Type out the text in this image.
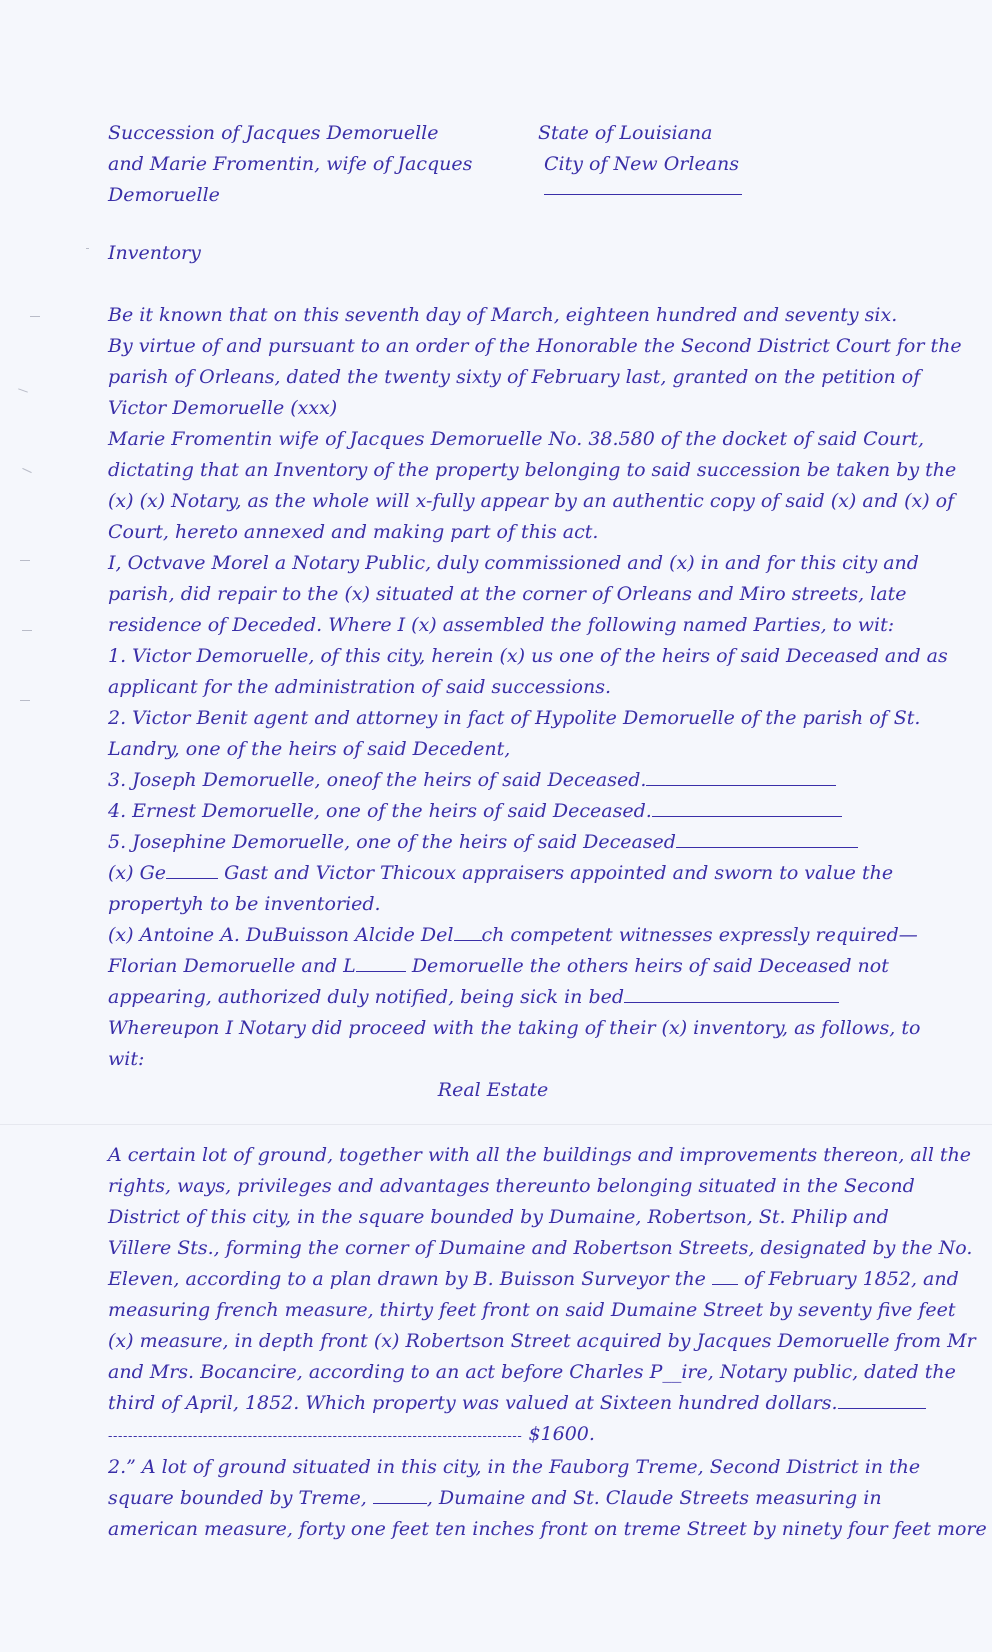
Succession of Jacques Demoruelle
and Marie Fromentin, wife of Jacques
Demoruelle
State of Louisiana
City of New Orleans
Inventory

Be it known that on this seventh day of March, eighteen hundred and seventy six.

By virtue of and pursuant to an order of the Honorable the Second District Court for the

parish of Orleans, dated the twenty sixty of February last, granted on the petition of

Victor Demoruelle (xxx)

Marie Fromentin wife of Jacques Demoruelle No. 38.580 of the docket of said Court,

dictating that an Inventory of the property belonging to said succession be taken by the

(x) (x) Notary, as the whole will x-fully appear by an authentic copy of said (x) and (x) of

Court, hereto annexed and making part of this act.

I, Octvave Morel a Notary Public, duly commissioned and (x) in and for this city and

parish, did repair to the (x) situated at the corner of Orleans and Miro streets, late

residence of Deceded. Where I (x) assembled the following named Parties, to wit:

1. Victor Demoruelle, of this city, herein (x) us one of the heirs of said Deceased and as

applicant for the administration of said successions.

2. Victor Benit agent and attorney in fact of Hypolite Demoruelle of the parish of St.

Landry, one of the heirs of said Decedent,

3. Joseph Demoruelle, oneof the heirs of said Deceased.

4. Ernest Demoruelle, one of the heirs of said Deceased.

5. Josephine Demoruelle, one of the heirs of said Deceased

(x) Ge	Gast and Victor Thicoux appraisers appointed and sworn to value the

propertyh to be inventoried.

(x) Antoine A. DuBuisson Alcide Del ch competent witnesses expressly required—

Florian Demoruelle and L	Demoruelle the others heirs of said Deceased not

appearing, authorized duly notified, being sick in bed

Whereupon I Notary did proceed with the taking of their (x) inventory, as follows, to

wit:

Real Estate

A certain lot of ground, together with all the buildings and improvements thereon, all the

rights, ways, privileges and advantages thereunto belonging situated in the Second

District of this city, in the square bounded by Dumaine, Robertson, St. Philip and

Villere Sts., forming the corner of Dumaine and Robertson Streets, designated by the No.

Eleven, according to a plan drawn by B. Buisson Surveyor the of February 1852, and

measuring french measure, thirty feet front on said Dumaine Street by seventy five feet

(x) measure, in depth front (x) Robertson Street acquired by Jacques Demoruelle from Mr

and Mrs. Bocancire, according to an act before Charles P__ire, Notary public, dated the

third of April, 1852. Which property was valued at Sixteen hundred dollars.

----------------------------------------------------------------------------------- $1600.

2.” A lot of ground situated in this city, in the Fauborg Treme, Second District in the

square bounded by Treme,	, Dumaine and St. Claude Streets measuring in

american measure, forty one feet ten inches front on treme Street by ninety four feet more
